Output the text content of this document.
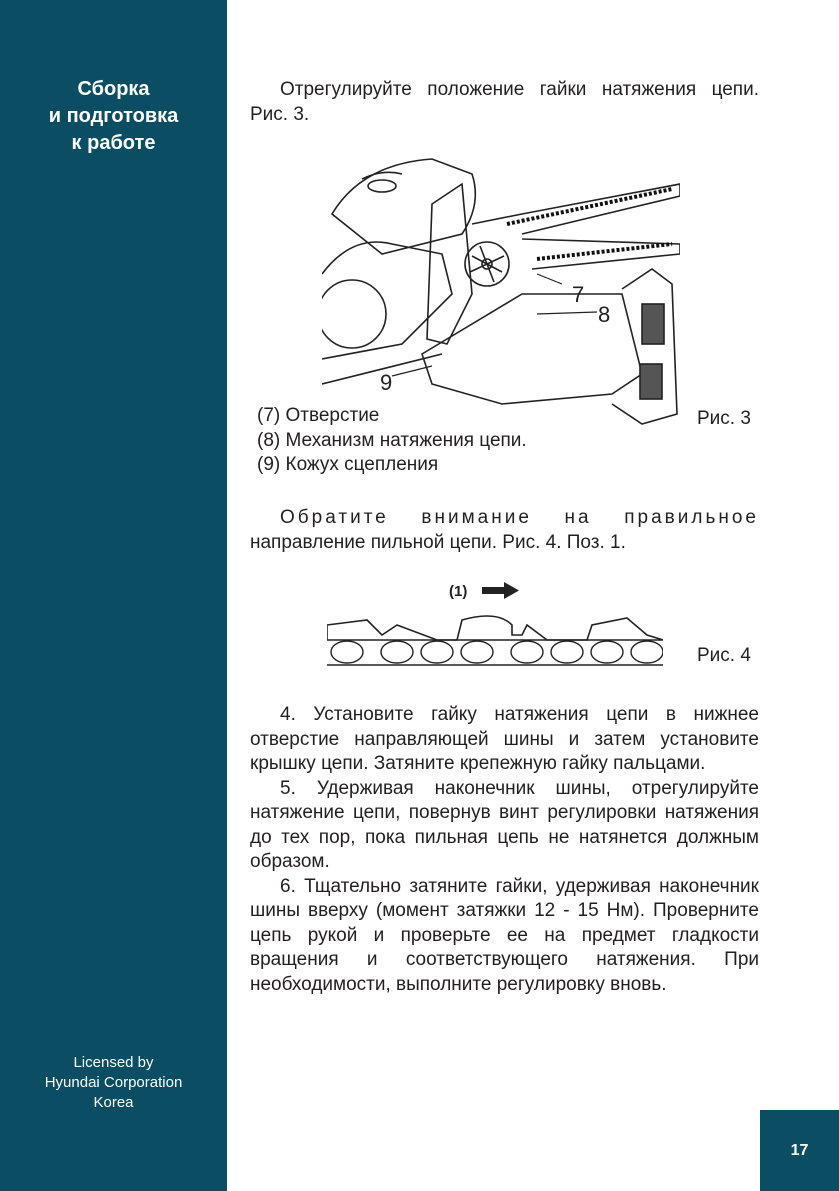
Сборка
и подготовка
к работе
Licensed by
Hyundai Corporation
Korea

Отрегулируйте положение гайки натяжения цепи. Рис. 3.

7
8
9
(7) Отверстие
(8) Механизм натяжения цепи.
(9) Кожух сцепления
Рис. 3
Обратите внимание на правильное
направление пильной цепи. Рис. 4. Поз. 1.
(1)
Рис. 4

4. Установите гайку натяжения цепи в нижнее отверстие направляющей шины и затем установите крышку цепи. Затяните крепежную гайку пальцами.

5. Удерживая наконечник шины, отрегулируйте натяжение цепи, повернув винт регулировки натяжения до тех пор, пока пильная цепь не натянется должным образом.

6. Тщательно затяните гайки, удерживая наконечник шины вверху (момент затяжки 12 - 15 Нм). Проверните цепь рукой и проверьте ее на предмет гладкости вращения и соответствующего натяжения. При необходимости, выполните регулировку вновь.

17
